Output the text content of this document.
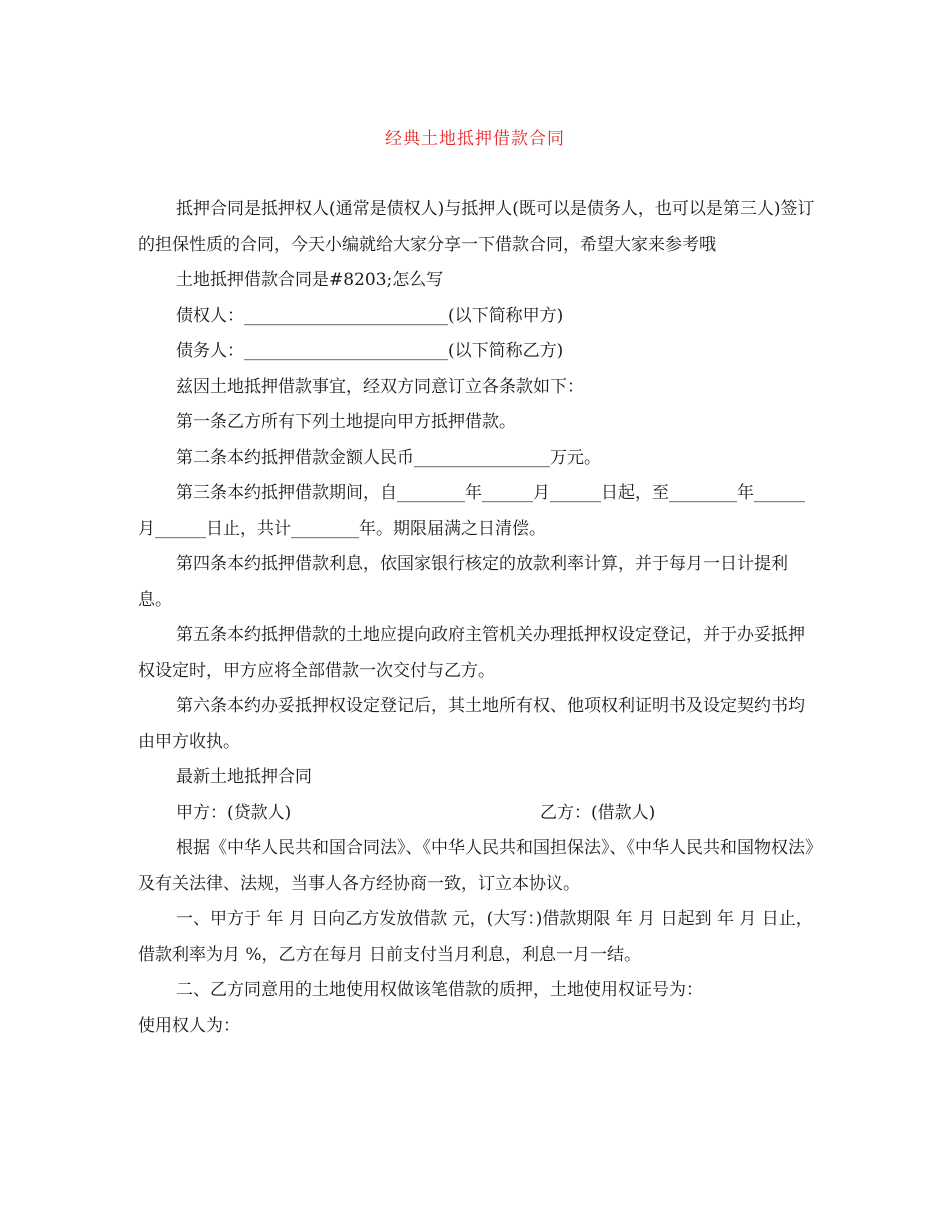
经典土地抵押借款合同

抵押合同是抵押权人(通常是债权人)与抵押人(既可以是债务人，也可以是第三人)签订的担保性质的合同，今天小编就给大家分享一下借款合同，希望大家来参考哦

土地抵押借款合同是#8203;怎么写

债权人：________________________(以下简称甲方)

债务人：________________________(以下简称乙方)

兹因土地抵押借款事宜，经双方同意订立各条款如下：

第一条乙方所有下列土地提向甲方抵押借款。

第二条本约抵押借款金额人民币________________万元。

第三条本约抵押借款期间，自________年______月______日起，至________年______月______日止，共计________年。期限届满之日清偿。

第四条本约抵押借款利息，依国家银行核定的放款利率计算，并于每月一日计提利息。

第五条本约抵押借款的土地应提向政府主管机关办理抵押权设定登记，并于办妥抵押权设定时，甲方应将全部借款一次交付与乙方。

第六条本约办妥抵押权设定登记后，其土地所有权、他项权利证明书及设定契约书均由甲方收执。

最新土地抵押合同

甲方：(贷款人)	乙方：(借款人)

根据《中华人民共和国合同法》、《中华人民共和国担保法》、《中华人民共和国物权法》及有关法律、法规，当事人各方经协商一致，订立本协议。

一、甲方于 年 月 日向乙方发放借款 元，(大写：)借款期限 年 月 日起到 年 月 日止，借款利率为月 %，乙方在每月 日前支付当月利息，利息一月一结。

二、乙方同意用的土地使用权做该笔借款的质押，土地使用权证号为：

使用权人为：
